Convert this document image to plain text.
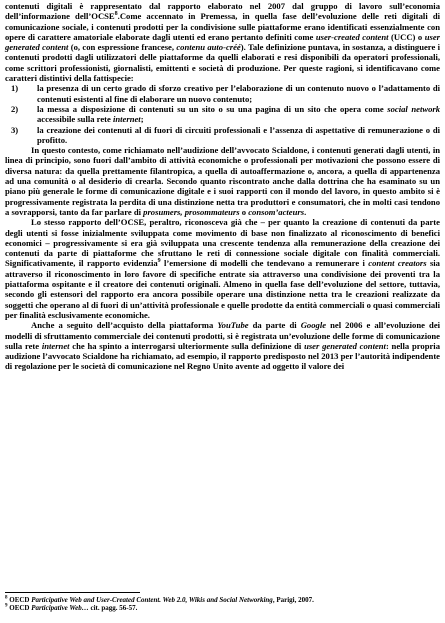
contenuti digitali è rappresentato dal rapporto elaborato nel 2007 dal gruppo di lavoro sull’economia dell’informazione dell’OCSE$^8$.Come accennato in Premessa, in quella fase dell’evoluzione delle reti digitali di comunicazione sociale, i contenuti prodotti per la condivisione sulle piattaforme erano identificati essenzialmente con opere di carattere amatoriale elaborate dagli utenti ed erano pertanto definiti come user-created content (UCC) o user generated content (o, con espressione francese, contenu auto-créé). Tale definizione puntava, in sostanza, a distinguere i contenuti prodotti dagli utilizzatori delle piattaforme da quelli elaborati e resi disponibili da operatori professionali, come scrittori professionisti, giornalisti, emittenti e società di produzione. Per queste ragioni, si identificavano come caratteri distintivi della fattispecie:

1)	la presenza di un certo grado di sforzo creativo per l’elaborazione di un contenuto nuovo o l’adattamento di contenuti esistenti al fine di elaborare un nuovo contenuto;
2)	la messa a disposizione di contenuti su un sito o su una pagina di un sito che opera come social network accessibile sulla rete internet;
3)	la creazione dei contenuti al di fuori di circuiti professionali e l’assenza di aspettative di remunerazione o di profitto.

In questo contesto, come richiamato nell’audizione dell’avvocato Scialdone, i contenuti generati dagli utenti, in linea di principio, sono fuori dall’ambito di attività economiche o professionali per motivazioni che possono essere di diversa natura: da quella prettamente filantropica, a quella di autoaffermazione o, ancora, a quella di appartenenza ad una comunità o al desiderio di crearla. Secondo quanto riscontrato anche dalla dottrina che ha esaminato su un piano più generale le forme di comunicazione digitale e i suoi rapporti con il mondo del lavoro, in questo ambito si è progressivamente registrata la perdita di una distinzione netta tra produttori e consumatori, che in molti casi tendono a sovrapporsi, tanto da far parlare di prosumers, prosommateurs o consom’acteurs.

Lo stesso rapporto dell’OCSE, peraltro, riconosceva già che – per quanto la creazione di contenuti da parte degli utenti si fosse inizialmente sviluppata come movimento di base non finalizzato al riconoscimento di benefici economici – progressivamente si era già sviluppata una crescente tendenza alla remunerazione della creazione dei contenuti da parte di piattaforme che sfruttano le reti di connessione sociale digitale con finalità commerciali. Significativamente, il rapporto evidenzia$^9$ l’emersione di modelli che tendevano a remunerare i content creators sia attraverso il riconoscimento in loro favore di specifiche entrate sia attraverso una condivisione dei proventi tra la piattaforma ospitante e il creatore dei contenuti originali. Almeno in quella fase dell’evoluzione del settore, tuttavia, secondo gli estensori del rapporto era ancora possibile operare una distinzione netta tra le creazioni realizzate da soggetti che operano al di fuori di un’attività professionale e quelle prodotte da entità commerciali o quasi commerciali per finalità esclusivamente economiche.

Anche a seguito dell’acquisto della piattaforma YouTube da parte di Google nel 2006 e all’evoluzione dei modelli di sfruttamento commerciale dei contenuti prodotti, si è registrata un’evoluzione delle forme di comunicazione sulla rete internet che ha spinto a interrogarsi ulteriormente sulla definizione di user generated content: nella propria audizione l’avvocato Scialdone ha richiamato, ad esempio, il rapporto predisposto nel 2013 per l’autorità indipendente di regolazione per le società di comunicazione nel Regno Unito avente ad oggetto il valore dei

$^8$ OECD Participative Web and User-Created Content. Web 2.0, Wikis and Social Networking, Parigi, 2007.

$^9$ OECD Participative Web… cit. pagg. 56-57.
